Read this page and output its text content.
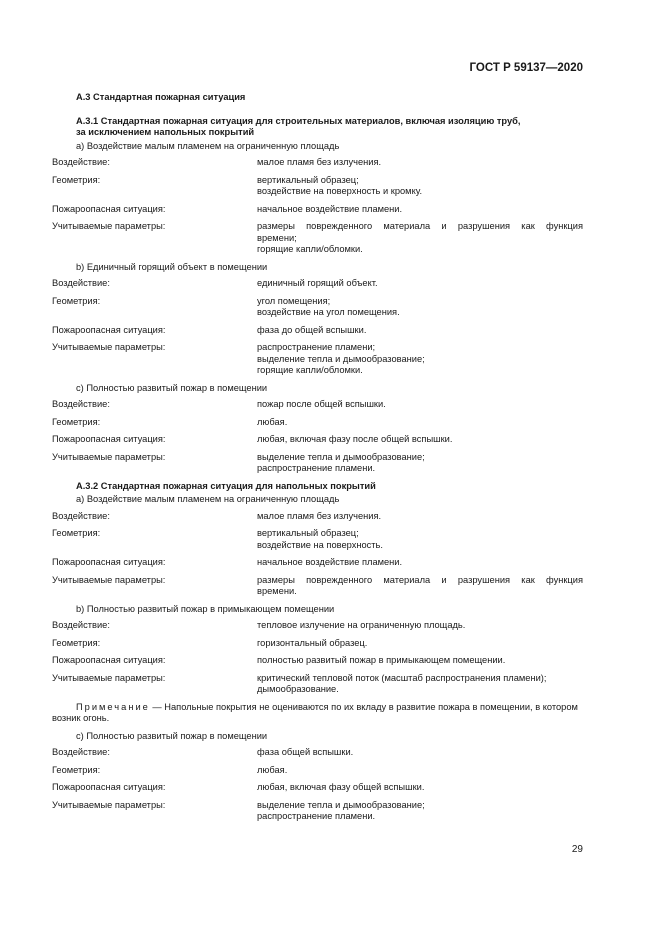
ГОСТ Р 59137—2020
А.3 Стандартная пожарная ситуация
А.3.1 Стандартная пожарная ситуация для строительных материалов, включая изоляцию труб,
за исключением напольных покрытий
а) Воздействие малым пламенем на ограниченную площадь
Воздействие:	малое пламя без излучения.
Геометрия:	вертикальный образец;
воздействие на поверхность и кромку.
Пожароопасная ситуация:	начальное воздействие пламени.
Учитываемые параметры:	размеры поврежденного материала и разрушения как функция
времени;
горящие капли/обломки.
b) Единичный горящий объект в помещении
Воздействие:	единичный горящий объект.
Геометрия:	угол помещения;
воздействие на угол помещения.
Пожароопасная ситуация:	фаза до общей вспышки.
Учитываемые параметры:	распространение пламени;
выделение тепла и дымообразование;
горящие капли/обломки.
c) Полностью развитый пожар в помещении
Воздействие:	пожар после общей вспышки.
Геометрия:	любая.
Пожароопасная ситуация:	любая, включая фазу после общей вспышки.
Учитываемые параметры:	выделение тепла и дымообразование;
распространение пламени.
А.3.2 Стандартная пожарная ситуация для напольных покрытий
а) Воздействие малым пламенем на ограниченную площадь
Воздействие:	малое пламя без излучения.
Геометрия:	вертикальный образец;
воздействие на поверхность.
Пожароопасная ситуация:	начальное воздействие пламени.
Учитываемые параметры:	размеры поврежденного материала и разрушения как функция
времени.
b) Полностью развитый пожар в примыкающем помещении
Воздействие:	тепловое излучение на ограниченную площадь.
Геометрия:	горизонтальный образец.
Пожароопасная ситуация:	полностью развитый пожар в примыкающем помещении.
Учитываемые параметры:	критический тепловой поток (масштаб распространения пламени);
дымообразование.
Примечание — Напольные покрытия не оцениваются по их вкладу в развитие пожара в помещении, в котором возник огонь.
c) Полностью развитый пожар в помещении
Воздействие:	фаза общей вспышки.
Геометрия:	любая.
Пожароопасная ситуация:	любая, включая фазу общей вспышки.
Учитываемые параметры:	выделение тепла и дымообразование;
распространение пламени.
29
